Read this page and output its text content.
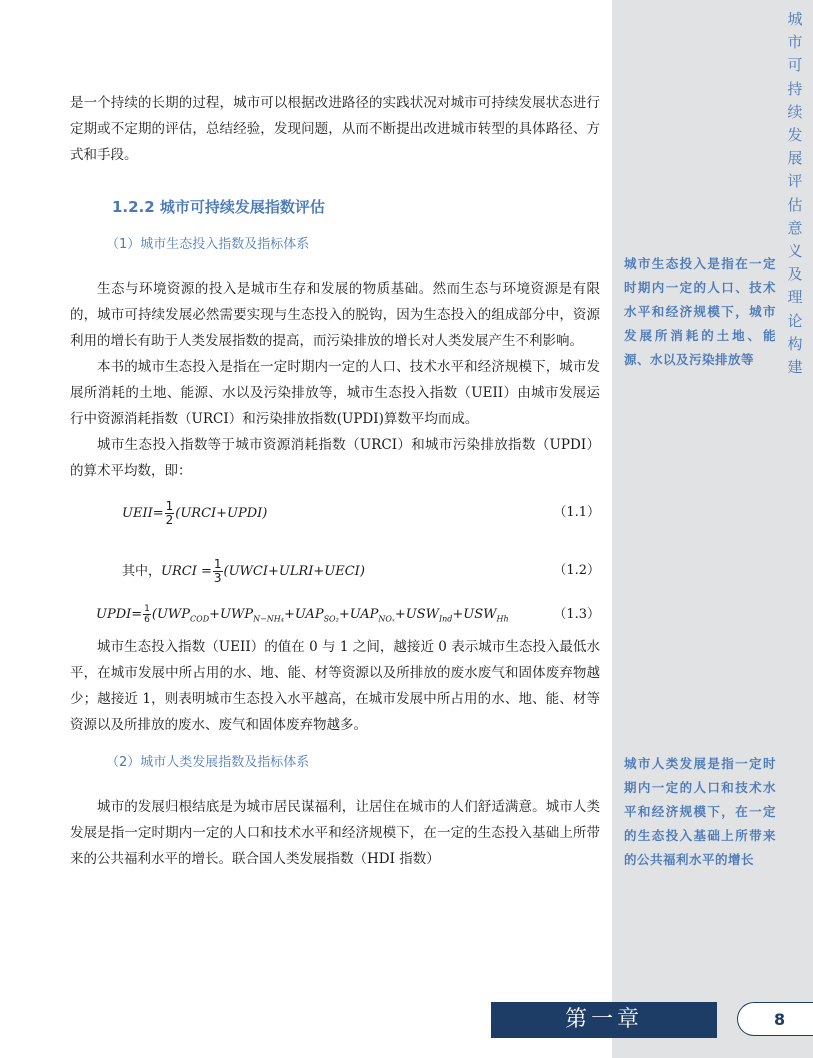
城
市
可
持
续
发
展
评
估
意
义
及
理
论
构
建
城市生态投入是指在一定时期内一定的人口、技术水平和经济规模下，城市发展所消耗的土地、能源、水以及污染排放等
城市人类发展是指一定时期内一定的人口和技术水平和经济规模下，在一定的生态投入基础上所带来的公共福利水平的增长

是一个持续的长期的过程，城市可以根据改进路径的实践状况对城市可持续发展状态进行定期或不定期的评估，总结经验，发现问题，从而不断提出改进城市转型的具体路径、方式和手段。

1.2.2 城市可持续发展指数评估
（1）城市生态投入指数及指标体系

生态与环境资源的投入是城市生存和发展的物质基础。然而生态与环境资源是有限的，城市可持续发展必然需要实现与生态投入的脱钩，因为生态投入的组成部分中，资源利用的增长有助于人类发展指数的提高，而污染排放的增长对人类发展产生不利影响。

本书的城市生态投入是指在一定时期内一定的人口、技术水平和经济规模下，城市发展所消耗的土地、能源、水以及污染排放等，城市生态投入指数（UEII）由城市发展运行中资源消耗指数（URCI）和污染排放指数(UPDI)算数平均而成。

城市生态投入指数等于城市资源消耗指数（URCI）和城市污染排放指数（UPDI）的算术平均数，即：

UEII= $\frac{1}{2}$ (URCI+UPDI)	（1.1）
其中，URCI = $\frac{1}{3}$ (UWCI+ULRI+UECI)	（1.2）
UPDI= $\frac{1}{6} (UWP_{COD}+UWP_{N-NH_4}+UAP_{SO_2}+UAP_{NO_x}+USW_{Ind}+USW_{Hh}$	（1.3）

城市生态投入指数（UEII）的值在 0 与 1 之间，越接近 0 表示城市生态投入最低水平，在城市发展中所占用的水、地、能、材等资源以及所排放的废水废气和固体废弃物越少；越接近 1，则表明城市生态投入水平越高，在城市发展中所占用的水、地、能、材等资源以及所排放的废水、废气和固体废弃物越多。

（2）城市人类发展指数及指标体系

城市的发展归根结底是为城市居民谋福利，让居住在城市的人们舒适满意。城市人类发展是指一定时期内一定的人口和技术水平和经济规模下，在一定的生态投入基础上所带来的公共福利水平的增长。联合国人类发展指数（HDI 指数）

第一章	8
